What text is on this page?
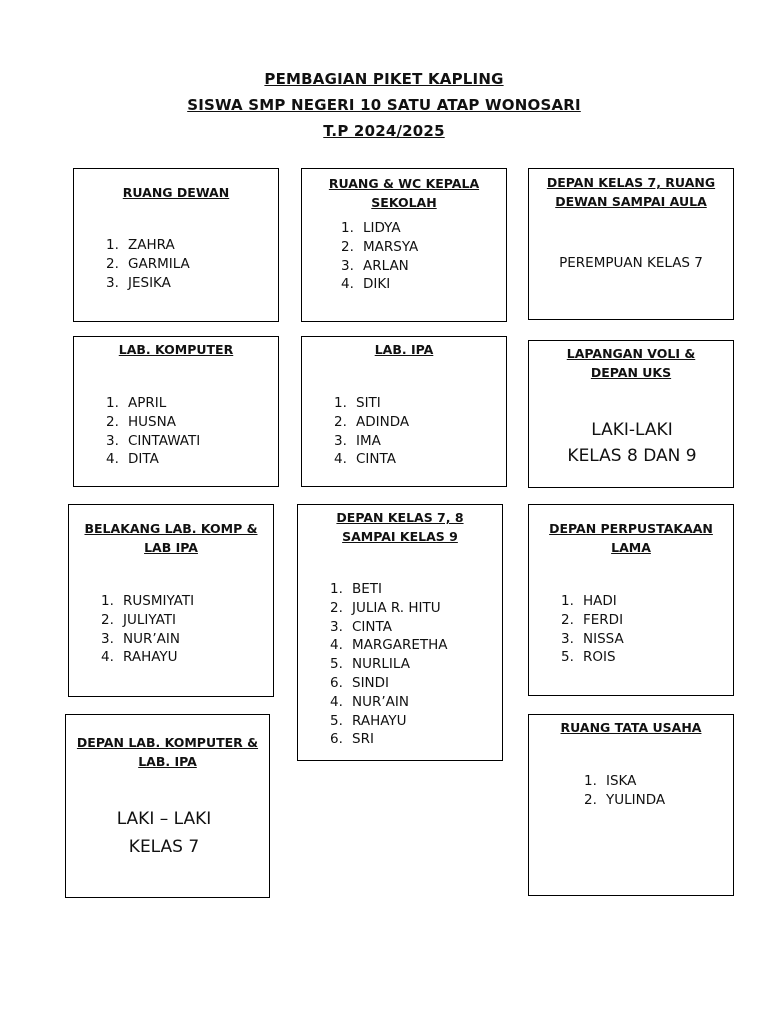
PEMBAGIAN PIKET KAPLING
SISWA SMP NEGERI 10 SATU ATAP WONOSARI
T.P 2024/2025
RUANG DEWAN
1. ZAHRA
2. GARMILA
3. JESIKA
RUANG & WC KEPALA SEKOLAH
1. LIDYA
2. MARSYA
3. ARLAN
4. DIKI
DEPAN KELAS 7, RUANG DEWAN SAMPAI AULA
PEREMPUAN KELAS 7
LAB. KOMPUTER
1. APRIL
2. HUSNA
3. CINTAWATI
4. DITA
LAB. IPA
1. SITI
2. ADINDA
3. IMA
4. CINTA
LAPANGAN VOLI & DEPAN UKS
LAKI-LAKI
KELAS 8 DAN 9
BELAKANG LAB. KOMP & LAB IPA
1. RUSMIYATI
2. JULIYATI
3. NUR’AIN
4. RAHAYU
DEPAN KELAS 7, 8 SAMPAI KELAS 9
1. BETI
2. JULIA R. HITU
3. CINTA
4. MARGARETHA
5. NURLILA
6. SINDI
4. NUR’AIN
5. RAHAYU
6. SRI
DEPAN PERPUSTAKAAN LAMA
1. HADI
2. FERDI
3. NISSA
5. ROIS
DEPAN LAB. KOMPUTER & LAB. IPA
LAKI – LAKI
KELAS 7
RUANG TATA USAHA
1. ISKA
2. YULINDA
